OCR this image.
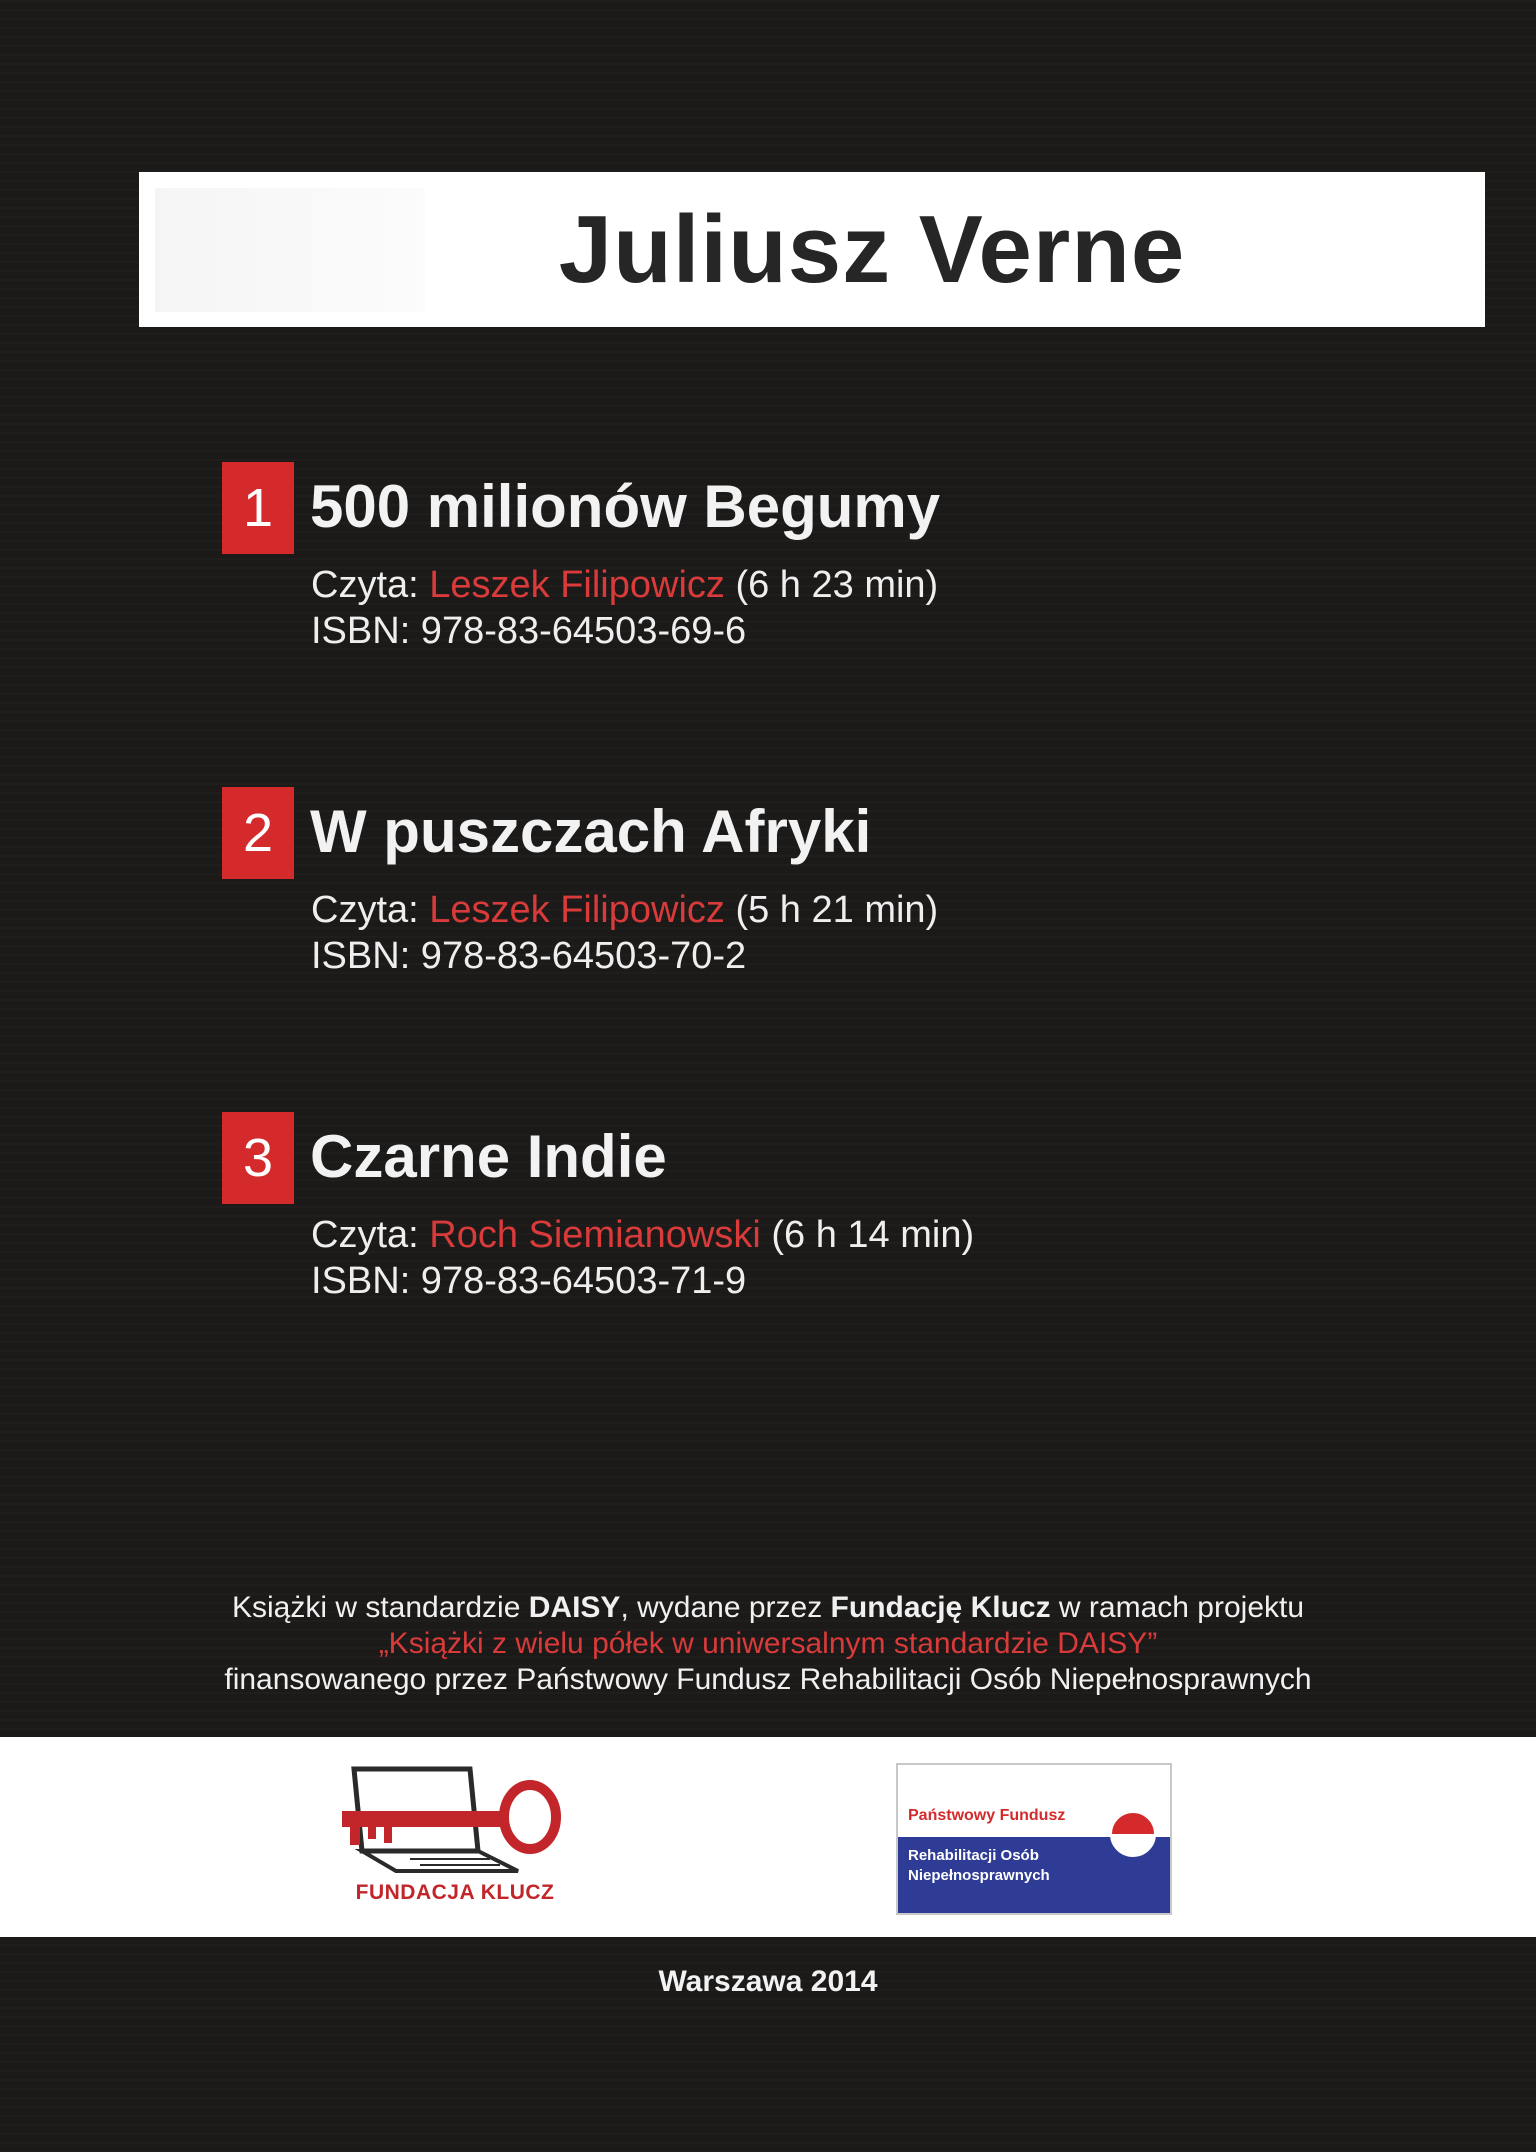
Juliusz Verne
1 500 milionów Begumy
Czyta: Leszek Filipowicz (6 h 23 min)
ISBN: 978-83-64503-69-6
2 W puszczach Afryki
Czyta: Leszek Filipowicz (5 h 21 min)
ISBN: 978-83-64503-70-2
3 Czarne Indie
Czyta: Roch Siemianowski (6 h 14 min)
ISBN: 978-83-64503-71-9
Książki w standardzie DAISY, wydane przez Fundację Klucz w ramach projektu
„Książki z wielu półek w uniwersalnym standardzie DAISY”
finansowanego przez Państwowy Fundusz Rehabilitacji Osób Niepełnosprawnych
FUNDACJA KLUCZ
Państwowy Fundusz
Rehabilitacji Osób
Niepełnosprawnych
Warszawa 2014
